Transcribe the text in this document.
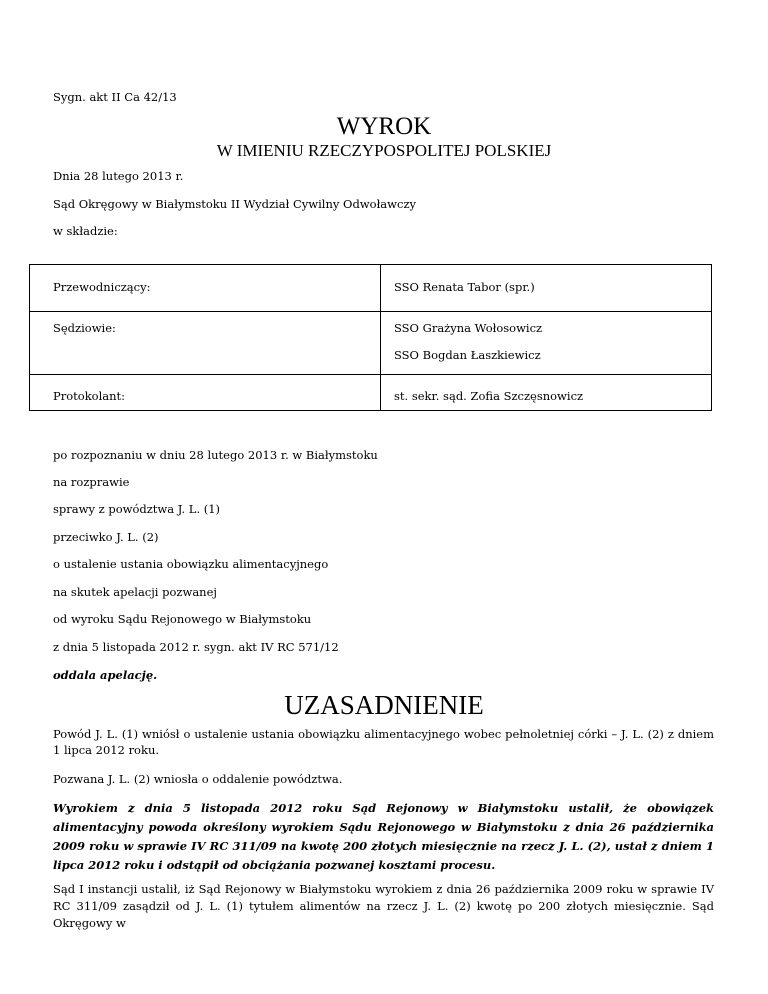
Sygn. akt II Ca 42/13
WYROK
W IMIENIU RZECZYPOSPOLITEJ POLSKIEJ
Dnia 28 lutego 2013 r.
Sąd Okręgowy w Białymstoku II Wydział Cywilny Odwoławczy
w składzie:
Przewodniczący:	SSO Renata Tabor (spr.)
Sędziowie:	SSO Grażyna Wołosowicz
SSO Bogdan Łaszkiewicz
Protokolant:	st. sekr. sąd. Zofia Szczęsnowicz
po rozpoznaniu w dniu 28 lutego 2013 r. w Białymstoku
na rozprawie
sprawy z powództwa J. L. (1)
przeciwko J. L. (2)
o ustalenie ustania obowiązku alimentacyjnego
na skutek apelacji pozwanej
od wyroku Sądu Rejonowego w Białymstoku
z dnia 5 listopada 2012 r. sygn. akt IV RC 571/12
oddala apelację.
UZASADNIENIE
Powód J. L. (1) wniósł o ustalenie ustania obowiązku alimentacyjnego wobec pełnoletniej córki – J. L. (2) z dniem 1 lipca 2012 roku.
Pozwana J. L. (2) wniosła o oddalenie powództwa.
Wyrokiem z dnia 5 listopada 2012 roku Sąd Rejonowy w Białymstoku ustalił, że obowiązek alimentacyjny powoda określony wyrokiem Sądu Rejonowego w Białymstoku z dnia 26 października 2009 roku w sprawie IV RC 311/09 na kwotę 200 złotych miesięcznie na rzecz J. L. (2), ustał z dniem 1 lipca 2012 roku i odstąpił od obciążania pozwanej kosztami procesu.
Sąd I instancji ustalił, iż Sąd Rejonowy w Białymstoku wyrokiem z dnia 26 października 2009 roku w sprawie IV RC 311/09 zasądził od J. L. (1) tytułem alimentów na rzecz J. L. (2) kwotę po 200 złotych miesięcznie. Sąd Okręgowy w
